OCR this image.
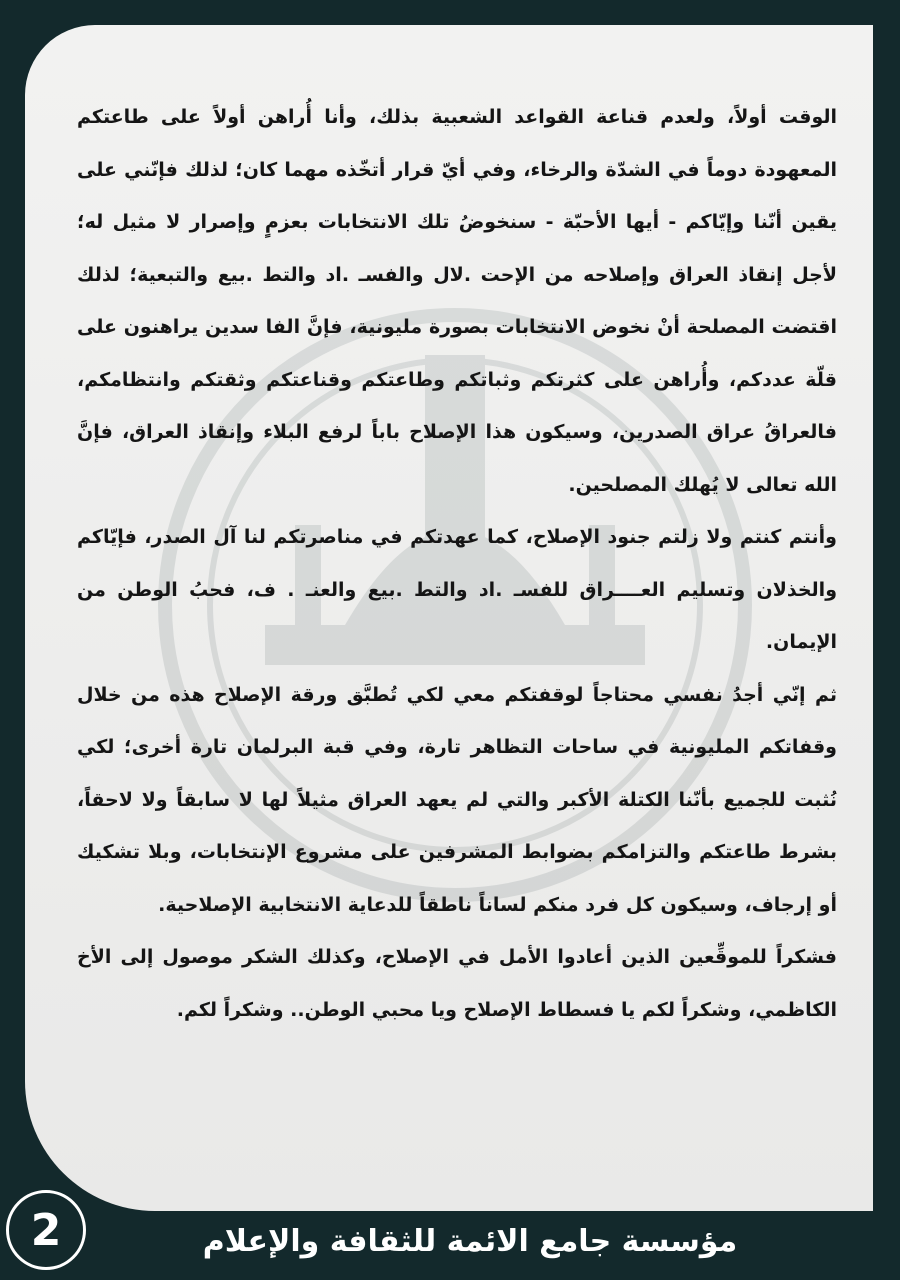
الوقت أولاً، ولعدم قناعة القواعد الشعبية بذلك، وأنا أُراهن أولاً على طاعتكم المعهودة دوماً في الشدّة والرخاء، وفي أيّ قرار أتخّذه مهما كان؛ لذلك فإنّني على يقين أنّنا وإيّاكم - أيها الأحبّة - سنخوضُ تلك الانتخابات بعزمٍ وإصرار لا مثيل له؛ لأجل إنقاذ العراق وإصلاحه من الإحت .لال والفسـ .اد والتط .بيع والتبعية؛ لذلك اقتضت المصلحة أنْ نخوض الانتخابات بصورة مليونية، فإنَّ الفا سدين يراهنون على قلّة عددكم، وأُراهن على كثرتكم وثباتكم وطاعتكم وقناعتكم وثقتكم وانتظامكم، فالعراقُ عراق الصدرين، وسيكون هذا الإصلاح باباً لرفع البلاء وإنقاذ العراق، فإنَّ الله تعالى لا يُهلك المصلحين.

وأنتم كنتم ولا زلتم جنود الإصلاح، كما عهدتكم في مناصرتكم لنا آل الصدر، فإيّاكم والخذلان وتسليم العــــراق للفسـ .اد والتط .بيع والعنـ . ف، فحبُ الوطن من الإيمان.

ثم إنّي أجدُ نفسي محتاجاً لوقفتكم معي لكي تُطبَّق ورقة الإصلاح هذه من خلال وقفاتكم المليونية في ساحات التظاهر تارة، وفي قبة البرلمان تارة أخرى؛ لكي نُثبت للجميع بأنّنا الكتلة الأكبر والتي لم يعهد العراق مثيلاً لها لا سابقاً ولا لاحقاً، بشرط طاعتكم والتزامكم بضوابط المشرفين على مشروع الإنتخابات، وبلا تشكيك أو إرجاف، وسيكون كل فرد منكم لساناً ناطقاً للدعاية الانتخابية الإصلاحية.

فشكراً للموقِّعين الذين أعادوا الأمل في الإصلاح، وكذلك الشكر موصول إلى الأخ الكاظمي، وشكراً لكم يا فسطاط الإصلاح ويا محبي الوطن.. وشكراً لكم.

2	مؤسسة جامع الائمة للثقافة والإعلام
